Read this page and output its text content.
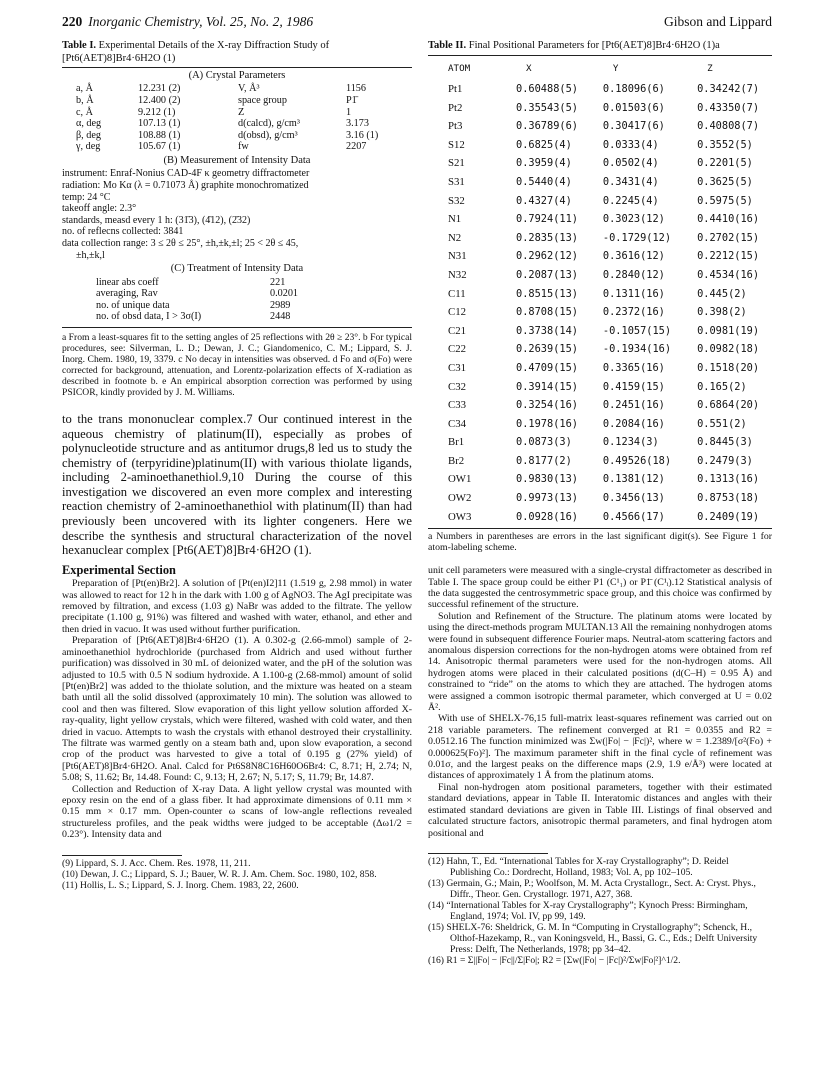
220 Inorganic Chemistry, Vol. 25, No. 2, 1986	Gibson and Lippard
Table I. Experimental Details of the X-ray Diffraction Study of [Pt6(AET)8]Br4·6H2O (1)
(A) Crystal Parameters
a, Å	12.231 (2)	V, Å³	1156
b, Å	12.400 (2)	space group	P1̄
c, Å	9.212 (1)	Z	1
α, deg	107.13 (1)	d(calcd), g/cm³	3.173
β, deg	108.88 (1)	d(obsd), g/cm³	3.16 (1)
γ, deg	105.67 (1)	fw	2207
(B) Measurement of Intensity Data
instrument: Enraf-Nonius CAD-4F κ geometry diffractometer
radiation: Mo Kα (λ = 0.71073 Å) graphite monochromatized
temp: 24 °C
takeoff angle: 2.3°
standards, measd every 1 h: (31̄3), (4̄12), (2̄32)
no. of reflecns collected: 3841
data collection range: 3 ≤ 2θ ≤ 25°, ±h,±k,±l; 25 < 2θ ≤ 45,
±h,±k,l
(C) Treatment of Intensity Data
linear abs coeff	221
averaging, Rav	0.0201
no. of unique data	2989
no. of obsd data, I > 3σ(I)	2448
a From a least-squares fit to the setting angles of 25 reflections with 2θ ≥ 23°. b For typical procedures, see: Silverman, L. D.; Dewan, J. C.; Giandomenico, C. M.; Lippard, S. J. Inorg. Chem. 1980, 19, 3379. c No decay in intensities was observed. d Fo and σ(Fo) were corrected for background, attenuation, and Lorentz-polarization effects of X-radiation as described in footnote b. e An empirical absorption correction was performed by using PSICOR, kindly provided by J. M. Williams.
to the trans mononuclear complex.7 Our continued interest in the aqueous chemistry of platinum(II), especially as probes of polynucleotide structure and as antitumor drugs,8 led us to study the chemistry of (terpyridine)platinum(II) with various thiolate ligands, including 2-aminoethanethiol.9,10 During the course of this investigation we discovered an even more complex and interesting reaction chemistry of 2-aminoethanethiol with platinum(II) than had previously been uncovered with its lighter congeners. Here we describe the synthesis and structural characterization of the novel hexanuclear complex [Pt6(AET)8]Br4·6H2O (1).
Experimental Section

Preparation of [Pt(en)Br2]. A solution of [Pt(en)I2]11 (1.519 g, 2.98 mmol) in water was allowed to react for 12 h in the dark with 1.00 g of AgNO3. The AgI precipitate was removed by filtration, and excess (1.03 g) NaBr was added to the filtrate. The yellow precipitate (1.100 g, 91%) was filtered and washed with water, ethanol, and ether and then dried in vacuo. It was used without further purification.

Preparation of [Pt6(AET)8]Br4·6H2O (1). A 0.302-g (2.66-mmol) sample of 2-aminoethanethiol hydrochloride (purchased from Aldrich and used without further purification) was dissolved in 30 mL of deionized water, and the pH of the solution was adjusted to 10.5 with 0.5 N sodium hydroxide. A 1.100-g (2.68-mmol) amount of solid [Pt(en)Br2] was added to the thiolate solution, and the mixture was heated on a steam bath until all the solid dissolved (approximately 10 min). The solution was allowed to cool and then was filtered. Slow evaporation of this light yellow solution afforded X-ray-quality, light yellow crystals, which were filtered, washed with cold water, and then dried in vacuo. Attempts to wash the crystals with ethanol destroyed their crystallinity. The filtrate was warmed gently on a steam bath and, upon slow evaporation, a second crop of the product was harvested to give a total of 0.195 g (27% yield) of [Pt6(AET)8]Br4·6H2O. Anal. Calcd for Pt6S8N8C16H60O6Br4: C, 8.71; H, 2.74; N, 5.08; S, 11.62; Br, 14.48. Found: C, 9.13; H, 2.67; N, 5.17; S, 11.79; Br, 14.87.

Collection and Reduction of X-ray Data. A light yellow crystal was mounted with epoxy resin on the end of a glass fiber. It had approximate dimensions of 0.11 mm × 0.15 mm × 0.17 mm. Open-counter ω scans of low-angle reflections revealed structureless profiles, and the peak widths were judged to be acceptable (Δω1/2 = 0.23°). Intensity data and

(9) Lippard, S. J. Acc. Chem. Res. 1978, 11, 211.
(10) Dewan, J. C.; Lippard, S. J.; Bauer, W. R. J. Am. Chem. Soc. 1980, 102, 858.
(11) Hollis, L. S.; Lippard, S. J. Inorg. Chem. 1983, 22, 2600.
Table II. Final Positional Parameters for [Pt6(AET)8]Br4·6H2O (1)a
ATOM	X	Y	Z
Pt1	0.60488(5)	0.18096(6)	0.34242(7)
Pt2	0.35543(5)	0.01503(6)	0.43350(7)
Pt3	0.36789(6)	0.30417(6)	0.40808(7)
S12	0.6825(4)	0.0333(4)	0.3552(5)
S21	0.3959(4)	0.0502(4)	0.2201(5)
S31	0.5440(4)	0.3431(4)	0.3625(5)
S32	0.4327(4)	0.2245(4)	0.5975(5)
N1	0.7924(11)	0.3023(12)	0.4410(16)
N2	0.2835(13)	-0.1729(12)	0.2702(15)
N31	0.2962(12)	0.3616(12)	0.2212(15)
N32	0.2087(13)	0.2840(12)	0.4534(16)
C11	0.8515(13)	0.1311(16)	0.445(2)
C12	0.8708(15)	0.2372(16)	0.398(2)
C21	0.3738(14)	-0.1057(15)	0.0981(19)
C22	0.2639(15)	-0.1934(16)	0.0982(18)
C31	0.4709(15)	0.3365(16)	0.1518(20)
C32	0.3914(15)	0.4159(15)	0.165(2)
C33	0.3254(16)	0.2451(16)	0.6864(20)
C34	0.1978(16)	0.2084(16)	0.551(2)
Br1	0.0873(3)	0.1234(3)	0.8445(3)
Br2	0.8177(2)	0.49526(18)	0.2479(3)
OW1	0.9830(13)	0.1381(12)	0.1313(16)
OW2	0.9973(13)	0.3456(13)	0.8753(18)
OW3	0.0928(16)	0.4566(17)	0.2409(19)
a Numbers in parentheses are errors in the last significant digit(s). See Figure 1 for atom-labeling scheme.

unit cell parameters were measured with a single-crystal diffractometer as described in Table I. The space group could be either P1 (C¹₁) or P1̄ (C¹ᵢ).12 Statistical analysis of the data suggested the centrosymmetric space group, and this choice was confirmed by successful refinement of the structure.

Solution and Refinement of the Structure. The platinum atoms were located by using the direct-methods program MULTAN.13 All the remaining nonhydrogen atoms were found in subsequent difference Fourier maps. Neutral-atom scattering factors and anomalous dispersion corrections for the non-hydrogen atoms were obtained from ref 14. Anisotropic thermal parameters were used for the non-hydrogen atoms. All hydrogen atoms were placed in their calculated positions (d(C–H) = 0.95 Å) and constrained to “ride” on the atoms to which they are attached. The hydrogen atoms were assigned a common isotropic thermal parameter, which converged at U = 0.02 Å².

With use of SHELX-76,15 full-matrix least-squares refinement was carried out on 218 variable parameters. The refinement converged at R1 = 0.0355 and R2 = 0.0512.16 The function minimized was Σw(|Fo| − |Fc|)², where w = 1.2389/[σ²(Fo) + 0.000625(Fo)²]. The maximum parameter shift in the final cycle of refinement was 0.01σ, and the largest peaks on the difference maps (2.9, 1.9 e/Å³) were located at distances of approximately 1 Å from the platinum atoms.

Final non-hydrogen atom positional parameters, together with their estimated standard deviations, appear in Table II. Interatomic distances and angles with their estimated standard deviations are given in Table III. Listings of final observed and calculated structure factors, anisotropic thermal parameters, and final hydrogen atom positional and

(12) Hahn, T., Ed. “International Tables for X-ray Crystallography”; D. Reidel Publishing Co.: Dordrecht, Holland, 1983; Vol. A, pp 102–105.
(13) Germain, G.; Main, P.; Woolfson, M. M. Acta Crystallogr., Sect. A: Cryst. Phys., Diffr., Theor. Gen. Crystallogr. 1971, A27, 368.
(14) “International Tables for X-ray Crystallography”; Kynoch Press: Birmingham, England, 1974; Vol. IV, pp 99, 149.
(15) SHELX-76: Sheldrick, G. M. In “Computing in Crystallography”; Schenck, H., Olthof-Hazekamp, R., van Koningsveld, H., Bassi, G. C., Eds.; Delft University Press: Delft, The Netherlands, 1978; pp 34–42.
(16) R1 = Σ||Fo| − |Fc||/Σ|Fo|; R2 = [Σw(|Fo| − |Fc|)²/Σw|Fo|²]^1/2.
